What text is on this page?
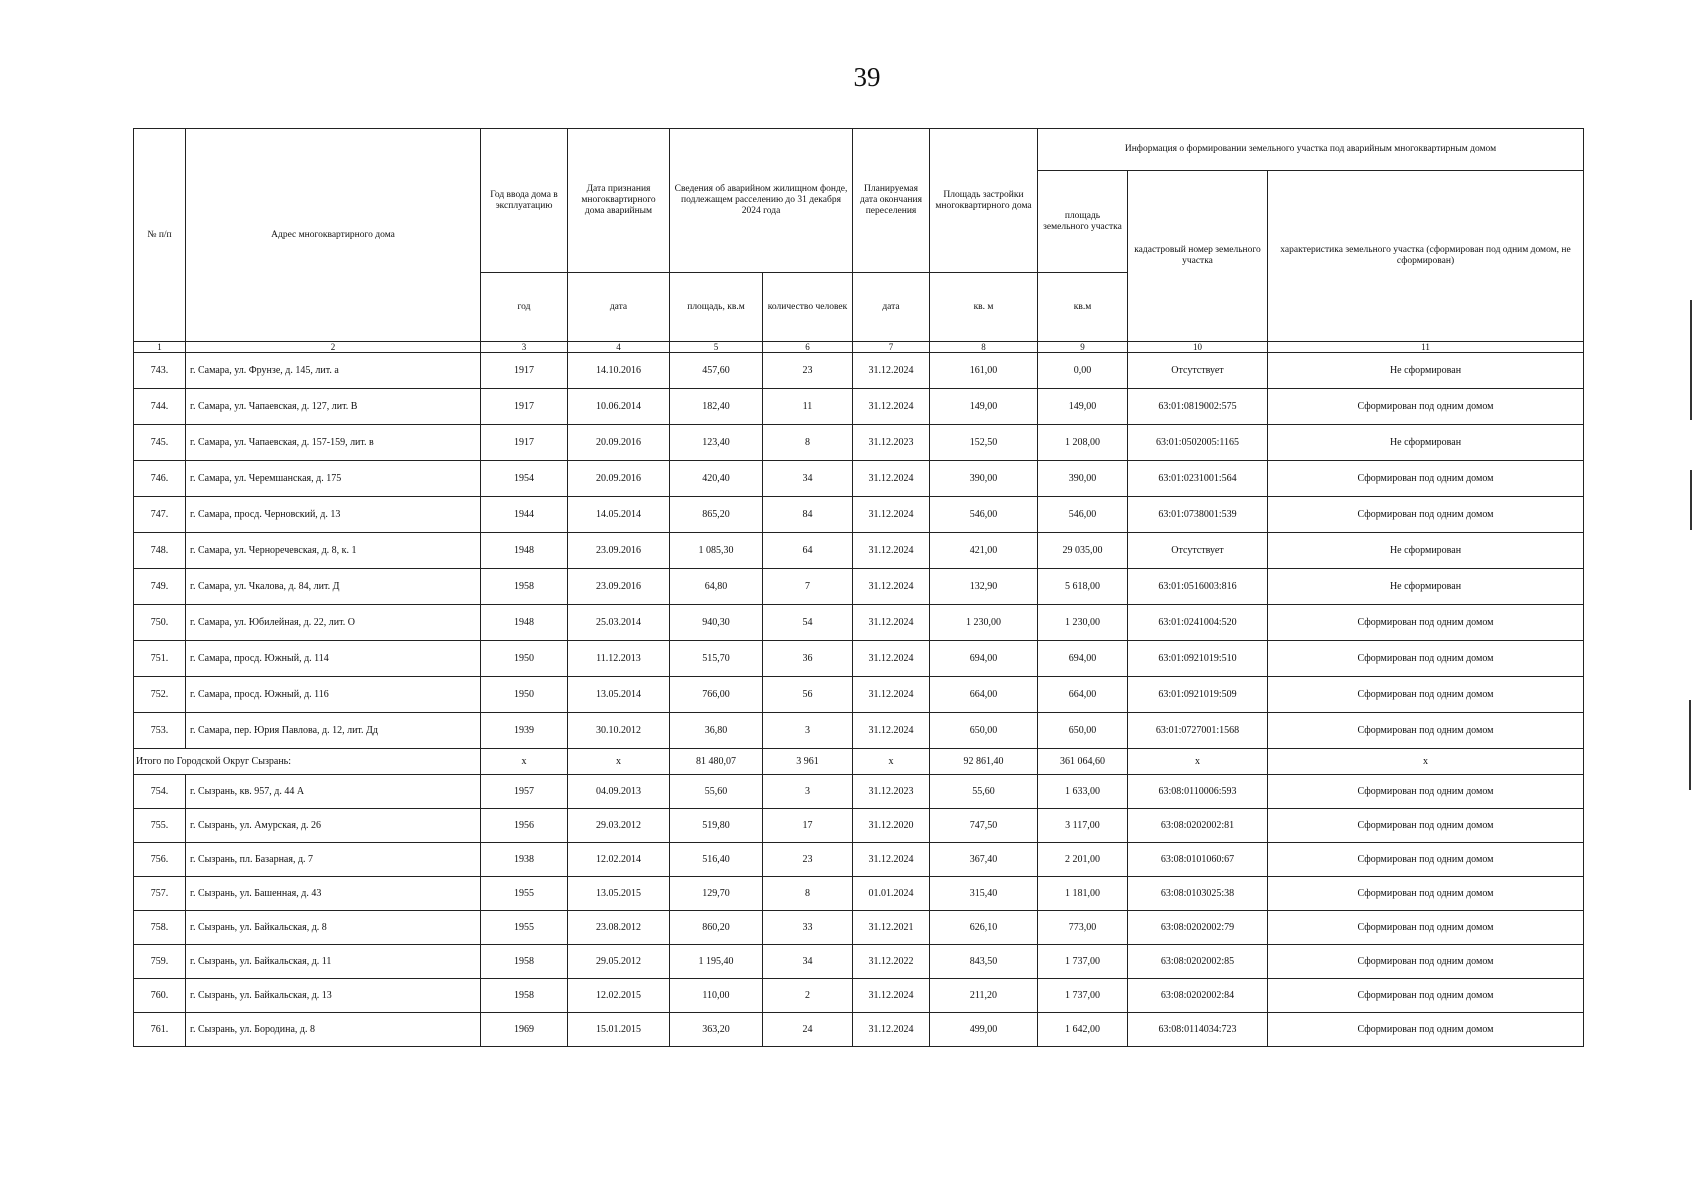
39
№ п/п	Адрес многоквартирного дома	Год ввода дома в эксплуатацию	Дата признания многоквартирного дома аварийным	Сведения об аварийном жилищном фонде, подлежащем расселению до 31 декабря 2024 года		Планируемая дата окончания переселения	Площадь застройки многоквартирного дома	Информация о формировании земельного участка под аварийным многоквартирным домом		
								площадь земельного участка	кадастровый номер земельного участка	характеристика земельного участка (сформирован под одним домом, не сформирован)
		год	дата	площадь, кв.м	количество человек	дата	кв. м	кв.м		
1	2	3	4	5	6	7	8	9	10	11
743.	г. Самара, ул. Фрунзе, д. 145, лит. а	1917	14.10.2016	457,60	23	31.12.2024	161,00	0,00	Отсутствует	Не сформирован
744.	г. Самара, ул. Чапаевская, д. 127, лит. В	1917	10.06.2014	182,40	11	31.12.2024	149,00	149,00	63:01:0819002:575	Сформирован под одним домом
745.	г. Самара, ул. Чапаевская, д. 157-159, лит. в	1917	20.09.2016	123,40	8	31.12.2023	152,50	1 208,00	63:01:0502005:1165	Не сформирован
746.	г. Самара, ул. Черемшанская, д. 175	1954	20.09.2016	420,40	34	31.12.2024	390,00	390,00	63:01:0231001:564	Сформирован под одним домом
747.	г. Самара, просд. Черновский, д. 13	1944	14.05.2014	865,20	84	31.12.2024	546,00	546,00	63:01:0738001:539	Сформирован под одним домом
748.	г. Самара, ул. Черноречевская, д. 8, к. 1	1948	23.09.2016	1 085,30	64	31.12.2024	421,00	29 035,00	Отсутствует	Не сформирован
749.	г. Самара, ул. Чкалова, д. 84, лит. Д	1958	23.09.2016	64,80	7	31.12.2024	132,90	5 618,00	63:01:0516003:816	Не сформирован
750.	г. Самара, ул. Юбилейная, д. 22, лит. О	1948	25.03.2014	940,30	54	31.12.2024	1 230,00	1 230,00	63:01:0241004:520	Сформирован под одним домом
751.	г. Самара, просд. Южный, д. 114	1950	11.12.2013	515,70	36	31.12.2024	694,00	694,00	63:01:0921019:510	Сформирован под одним домом
752.	г. Самара, просд. Южный, д. 116	1950	13.05.2014	766,00	56	31.12.2024	664,00	664,00	63:01:0921019:509	Сформирован под одним домом
753.	г. Самара, пер. Юрия Павлова, д. 12, лит. Дд	1939	30.10.2012	36,80	3	31.12.2024	650,00	650,00	63:01:0727001:1568	Сформирован под одним домом
Итого по Городской Округ Сызрань:		х	х	81 480,07	3 961	х	92 861,40	361 064,60	х	х
754.	г. Сызрань, кв. 957, д. 44 А	1957	04.09.2013	55,60	3	31.12.2023	55,60	1 633,00	63:08:0110006:593	Сформирован под одним домом
755.	г. Сызрань, ул. Амурская, д. 26	1956	29.03.2012	519,80	17	31.12.2020	747,50	3 117,00	63:08:0202002:81	Сформирован под одним домом
756.	г. Сызрань, пл. Базарная, д. 7	1938	12.02.2014	516,40	23	31.12.2024	367,40	2 201,00	63:08:0101060:67	Сформирован под одним домом
757.	г. Сызрань, ул. Башенная, д. 43	1955	13.05.2015	129,70	8	01.01.2024	315,40	1 181,00	63:08:0103025:38	Сформирован под одним домом
758.	г. Сызрань, ул. Байкальская, д. 8	1955	23.08.2012	860,20	33	31.12.2021	626,10	773,00	63:08:0202002:79	Сформирован под одним домом
759.	г. Сызрань, ул. Байкальская, д. 11	1958	29.05.2012	1 195,40	34	31.12.2022	843,50	1 737,00	63:08:0202002:85	Сформирован под одним домом
760.	г. Сызрань, ул. Байкальская, д. 13	1958	12.02.2015	110,00	2	31.12.2024	211,20	1 737,00	63:08:0202002:84	Сформирован под одним домом
761.	г. Сызрань, ул. Бородина, д. 8	1969	15.01.2015	363,20	24	31.12.2024	499,00	1 642,00	63:08:0114034:723	Сформирован под одним домом
